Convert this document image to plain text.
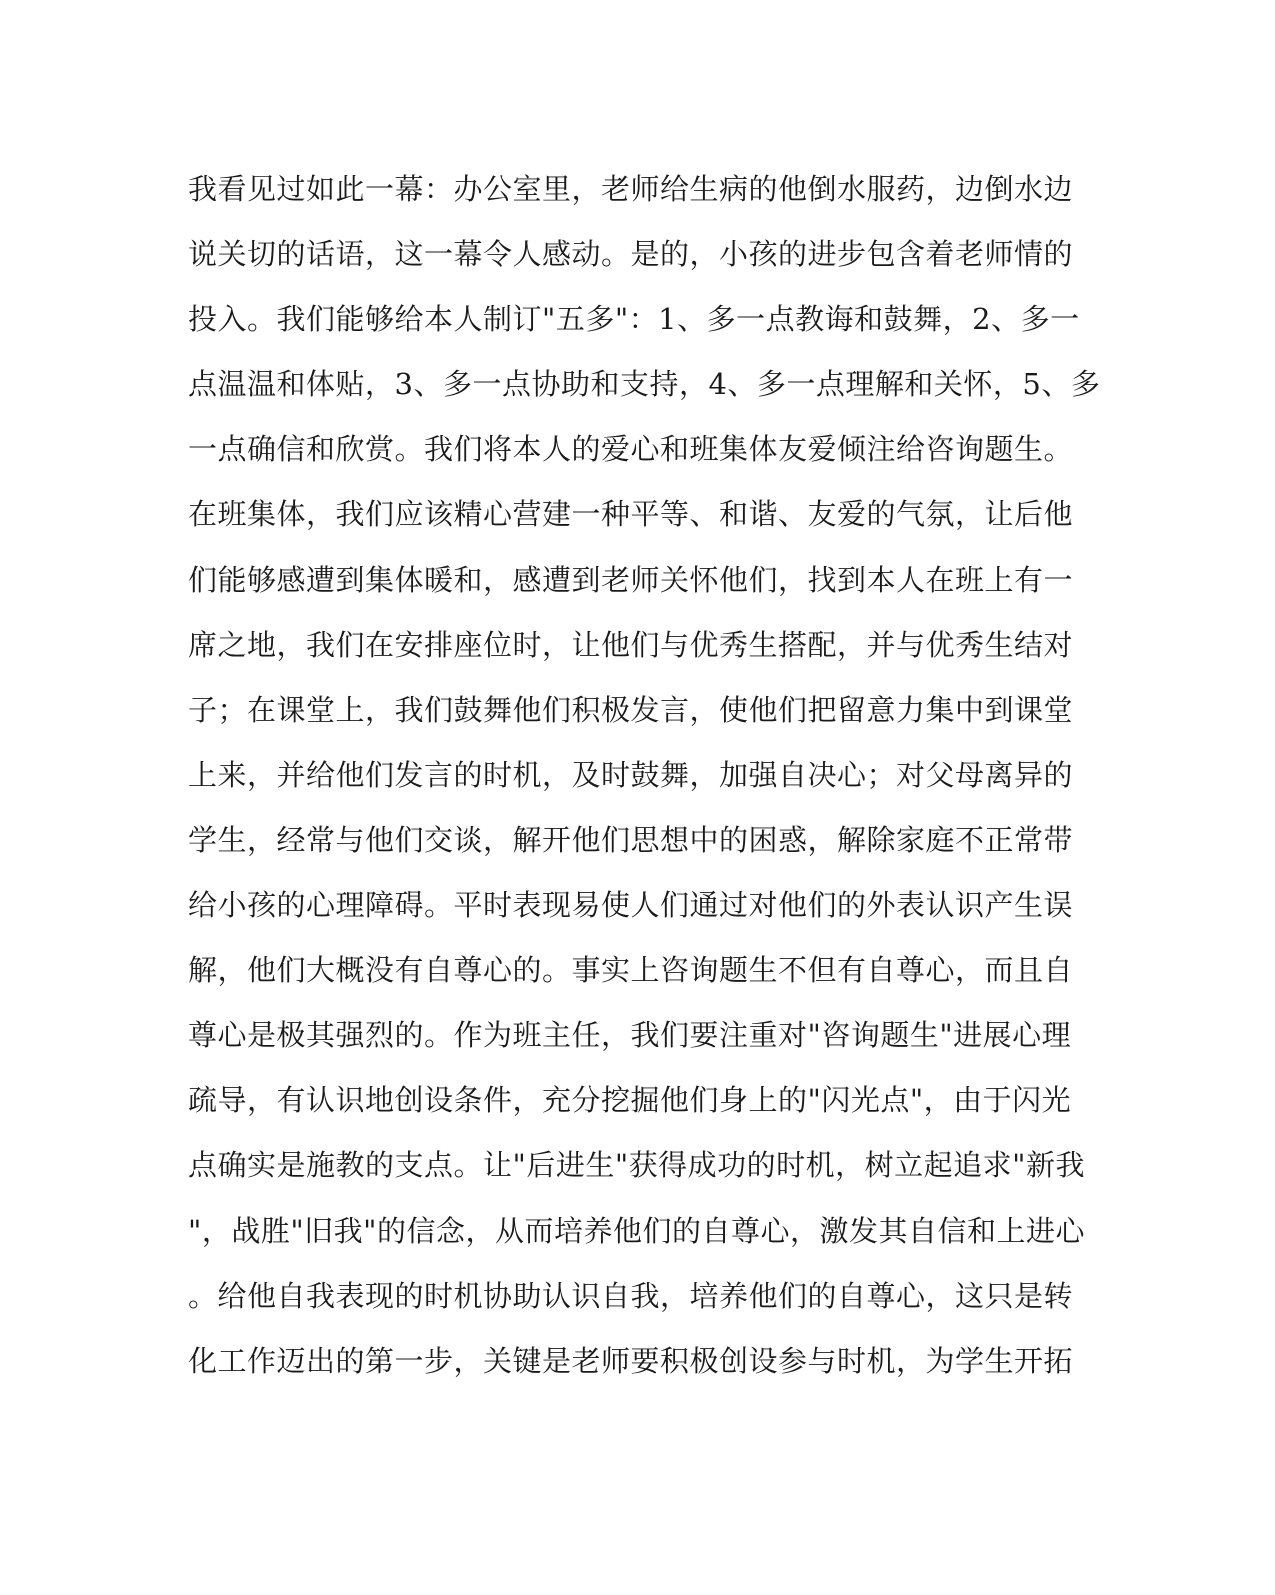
我看见过如此一幕：办公室里，老师给生病的他倒水服药，边倒水边
说关切的话语，这一幕令人感动。是的，小孩的进步包含着老师情的
投入。我们能够给本人制订"五多"：1、多一点教诲和鼓舞，2、多一
点温温和体贴，3、多一点协助和支持，4、多一点理解和关怀，5、多
一点确信和欣赏。我们将本人的爱心和班集体友爱倾注给咨询题生。
在班集体，我们应该精心营建一种平等、和谐、友爱的气氛，让后他
们能够感遭到集体暖和，感遭到老师关怀他们，找到本人在班上有一
席之地，我们在安排座位时，让他们与优秀生搭配，并与优秀生结对
子；在课堂上，我们鼓舞他们积极发言，使他们把留意力集中到课堂
上来，并给他们发言的时机，及时鼓舞，加强自决心；对父母离异的
学生，经常与他们交谈，解开他们思想中的困惑，解除家庭不正常带
给小孩的心理障碍。平时表现易使人们通过对他们的外表认识产生误
解，他们大概没有自尊心的。事实上咨询题生不但有自尊心，而且自
尊心是极其强烈的。作为班主任，我们要注重对"咨询题生"进展心理
疏导，有认识地创设条件，充分挖掘他们身上的"闪光点"，由于闪光
点确实是施教的支点。让"后进生"获得成功的时机，树立起追求"新我
"，战胜"旧我"的信念，从而培养他们的自尊心，激发其自信和上进心
。给他自我表现的时机协助认识自我，培养他们的自尊心，这只是转
化工作迈出的第一步，关键是老师要积极创设参与时机，为学生开拓
